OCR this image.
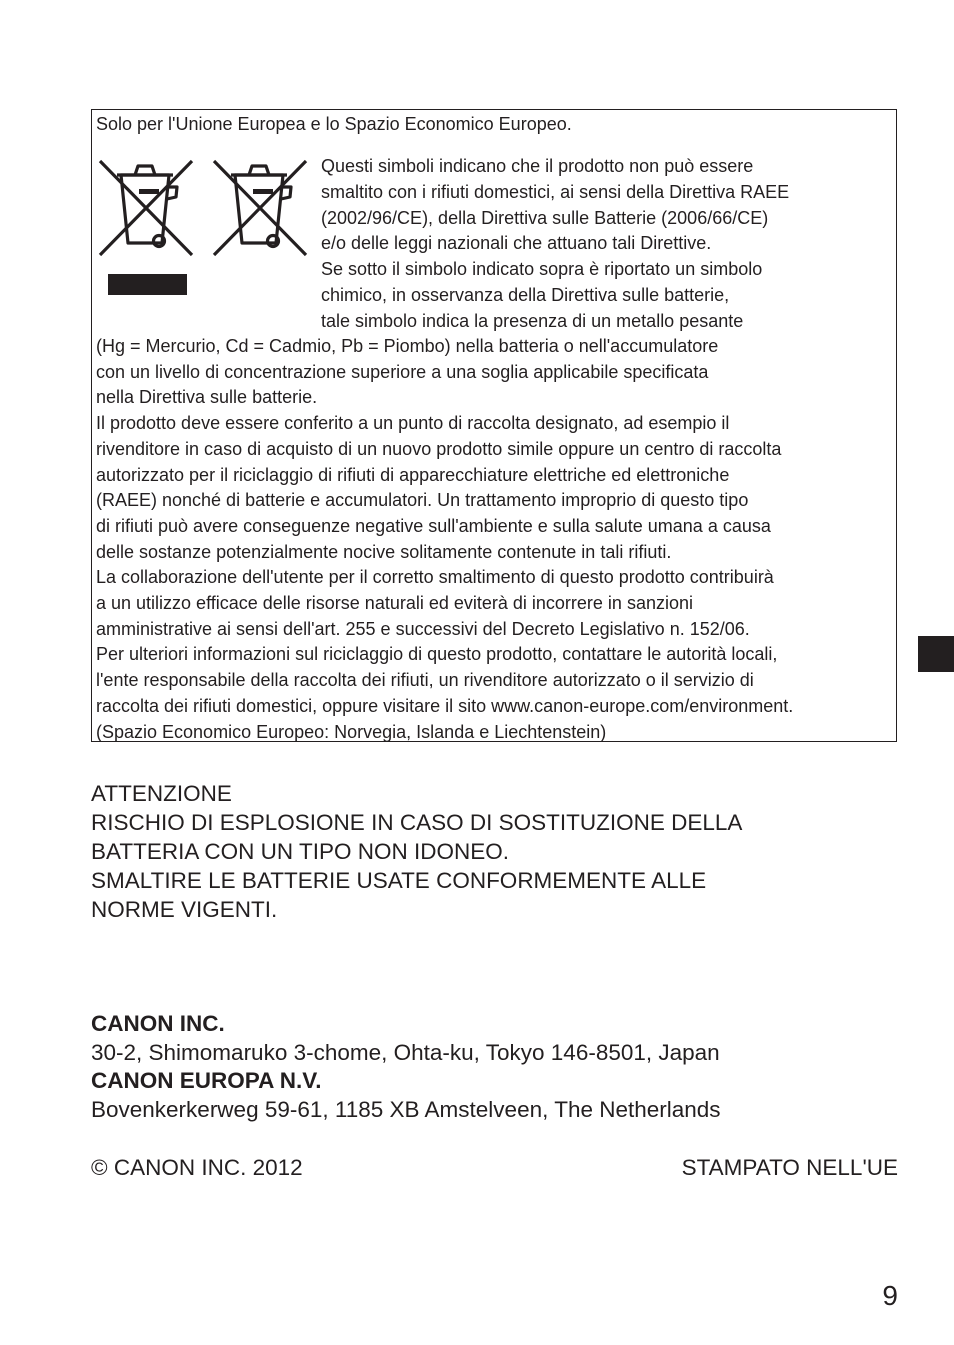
Solo per l'Unione Europea e lo Spazio Economico Europeo.
Questi simboli indicano che il prodotto non può essere
smaltito con i rifiuti domestici, ai sensi della Direttiva RAEE
(2002/96/CE), della Direttiva sulle Batterie (2006/66/CE)
e/o delle leggi nazionali che attuano tali Direttive.
Se sotto il simbolo indicato sopra è riportato un simbolo
chimico, in osservanza della Direttiva sulle batterie,
tale simbolo indica la presenza di un metallo pesante
(Hg = Mercurio, Cd = Cadmio, Pb = Piombo) nella batteria o nell'accumulatore
con un livello di concentrazione superiore a una soglia applicabile specificata
nella Direttiva sulle batterie.
Il prodotto deve essere conferito a un punto di raccolta designato, ad esempio il
rivenditore in caso di acquisto di un nuovo prodotto simile oppure un centro di raccolta
autorizzato per il riciclaggio di rifiuti di apparecchiature elettriche ed elettroniche
(RAEE) nonché di batterie e accumulatori. Un trattamento improprio di questo tipo
di rifiuti può avere conseguenze negative sull'ambiente e sulla salute umana a causa
delle sostanze potenzialmente nocive solitamente contenute in tali rifiuti.
La collaborazione dell'utente per il corretto smaltimento di questo prodotto contribuirà
a un utilizzo efficace delle risorse naturali ed eviterà di incorrere in sanzioni
amministrative ai sensi dell'art. 255 e successivi del Decreto Legislativo n. 152/06.
Per ulteriori informazioni sul riciclaggio di questo prodotto, contattare le autorità locali,
l'ente responsabile della raccolta dei rifiuti, un rivenditore autorizzato o il servizio di
raccolta dei rifiuti domestici, oppure visitare il sito www.canon-europe.com/environment.
(Spazio Economico Europeo: Norvegia, Islanda e Liechtenstein)
ATTENZIONE
RISCHIO DI ESPLOSIONE IN CASO DI SOSTITUZIONE DELLA
BATTERIA CON UN TIPO NON IDONEO.
SMALTIRE LE BATTERIE USATE CONFORMEMENTE ALLE
NORME VIGENTI.
CANON INC.
30-2, Shimomaruko 3-chome, Ohta-ku, Tokyo 146-8501, Japan
CANON EUROPA N.V.
Bovenkerkerweg 59-61, 1185 XB Amstelveen, The Netherlands
© CANON INC. 2012	STAMPATO NELL'UE
9
